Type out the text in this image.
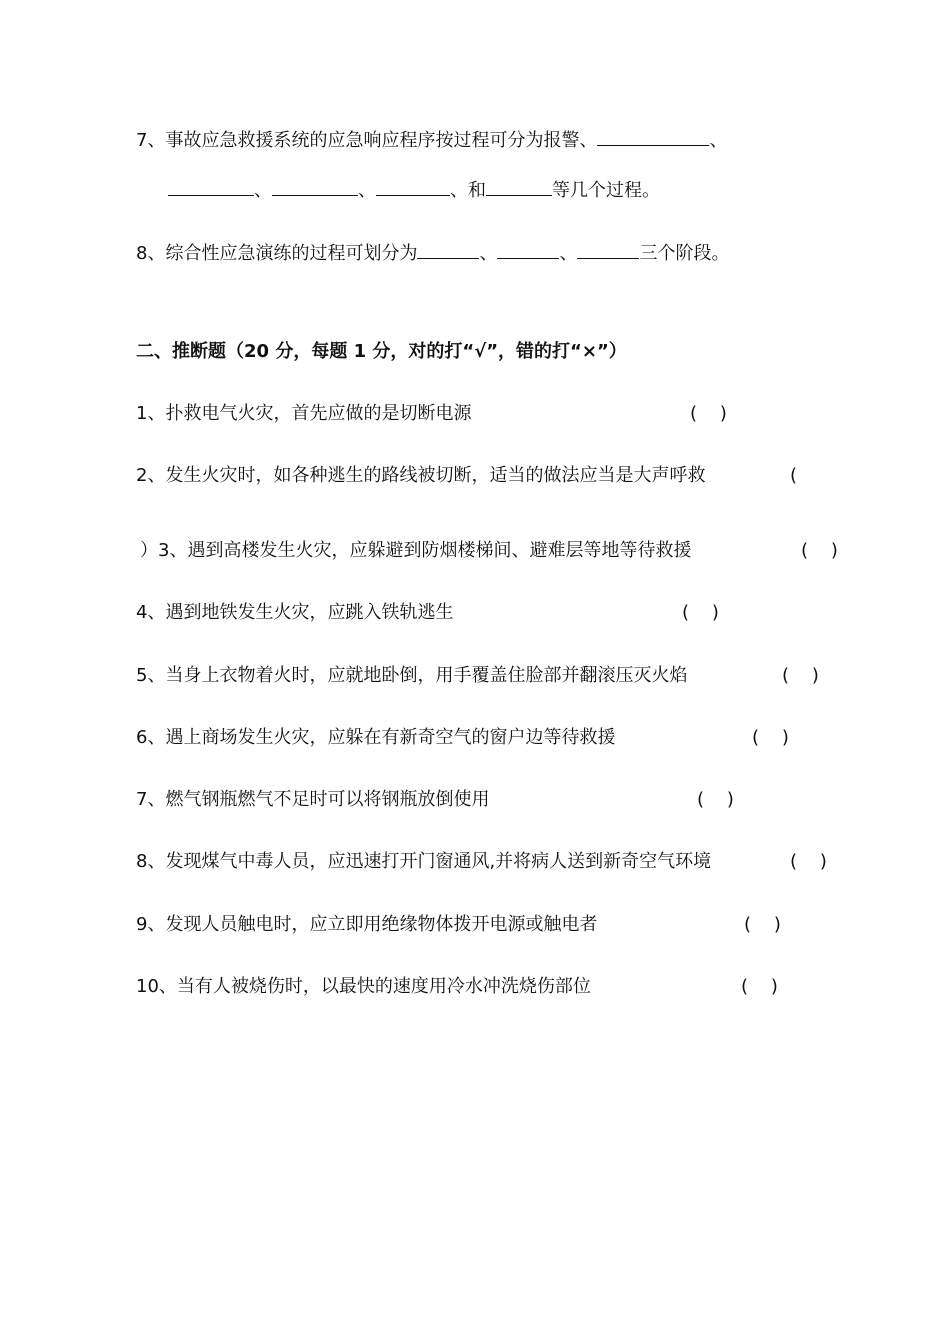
7、事故应急救援系统的应急响应程序按过程可分为报警、	、
、	、	、和	等几个过程。
8、综合性应急演练的过程可划分为	、	、	三个阶段。
二、推断题（20 分，每题 1 分，对的打“√”，错的打“×”）
1、扑救电气火灾，首先应做的是切断电源	(    )
2、发生火灾时，如各种逃生的路线被切断，适当的做法应当是大声呼救	(
）3、遇到高楼发生火灾，应躲避到防烟楼梯间、避难层等地等待救援	(    )
4、遇到地铁发生火灾，应跳入铁轨逃生	(    )
5、当身上衣物着火时，应就地卧倒，用手覆盖住脸部并翻滚压灭火焰	(    )
6、遇上商场发生火灾，应躲在有新奇空气的窗户边等待救援	(    )
7、燃气钢瓶燃气不足时可以将钢瓶放倒使用	(    )
8、发现煤气中毒人员，应迅速打开门窗通风,并将病人送到新奇空气环境	(    )
9、发现人员触电时，应立即用绝缘物体拨开电源或触电者	(    )
10、当有人被烧伤时，以最快的速度用冷水冲洗烧伤部位	(    )
